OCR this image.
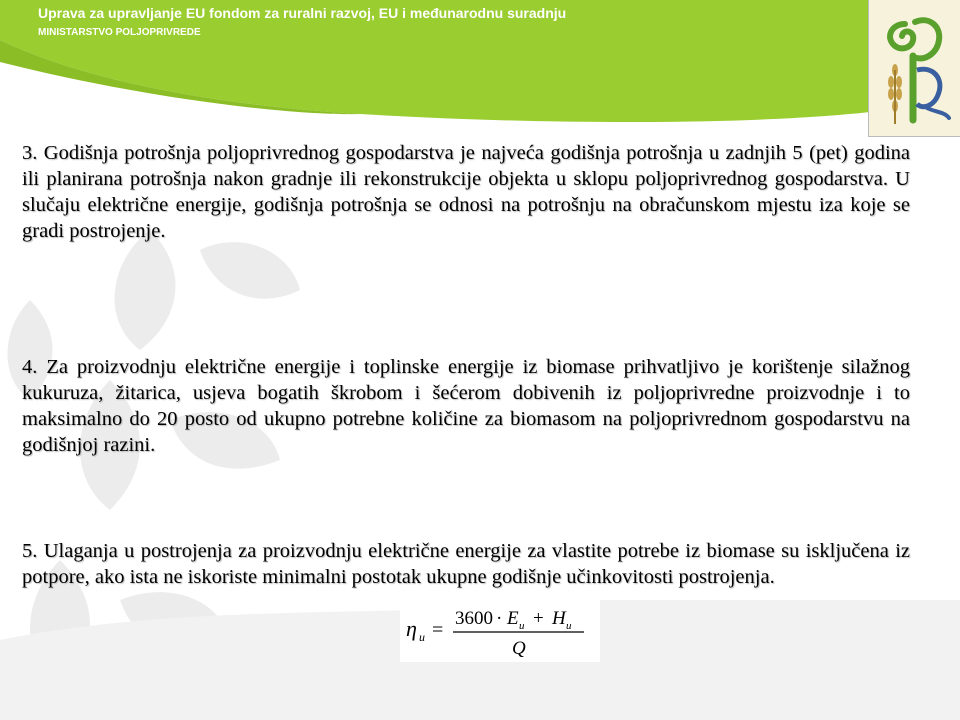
Uprava za upravljanje EU fondom za ruralni razvoj, EU i međunarodnu suradnju
MINISTARSTVO POLJOPRIVREDE

3. Godišnja potrošnja poljoprivrednog gospodarstva je najveća godišnja potrošnja u zadnjih 5 (pet) godina ili planirana potrošnja nakon gradnje ili rekonstrukcije objekta u sklopu poljoprivrednog gospodarstva. U slučaju električne energije, godišnja potrošnja se odnosi na potrošnju na obračunskom mjestu iza koje se gradi postrojenje.

4. Za proizvodnju električne energije i toplinske energije iz biomase prihvatljivo je korištenje silažnog kukuruza, žitarica, usjeva bogatih škrobom i šećerom dobivenih iz poljoprivredne proizvodnje i to maksimalno do 20 posto od ukupno potrebne količine za biomasom na poljoprivrednom gospodarstvu na godišnjoj razini.

5. Ulaganja u postrojenja za proizvodnju električne energije za vlastite potrebe iz biomase su isključena iz potpore, ako ista ne iskoriste minimalni postotak ukupne godišnje učinkovitosti postrojenja.

η u =
3600 · E u + H u
Q
